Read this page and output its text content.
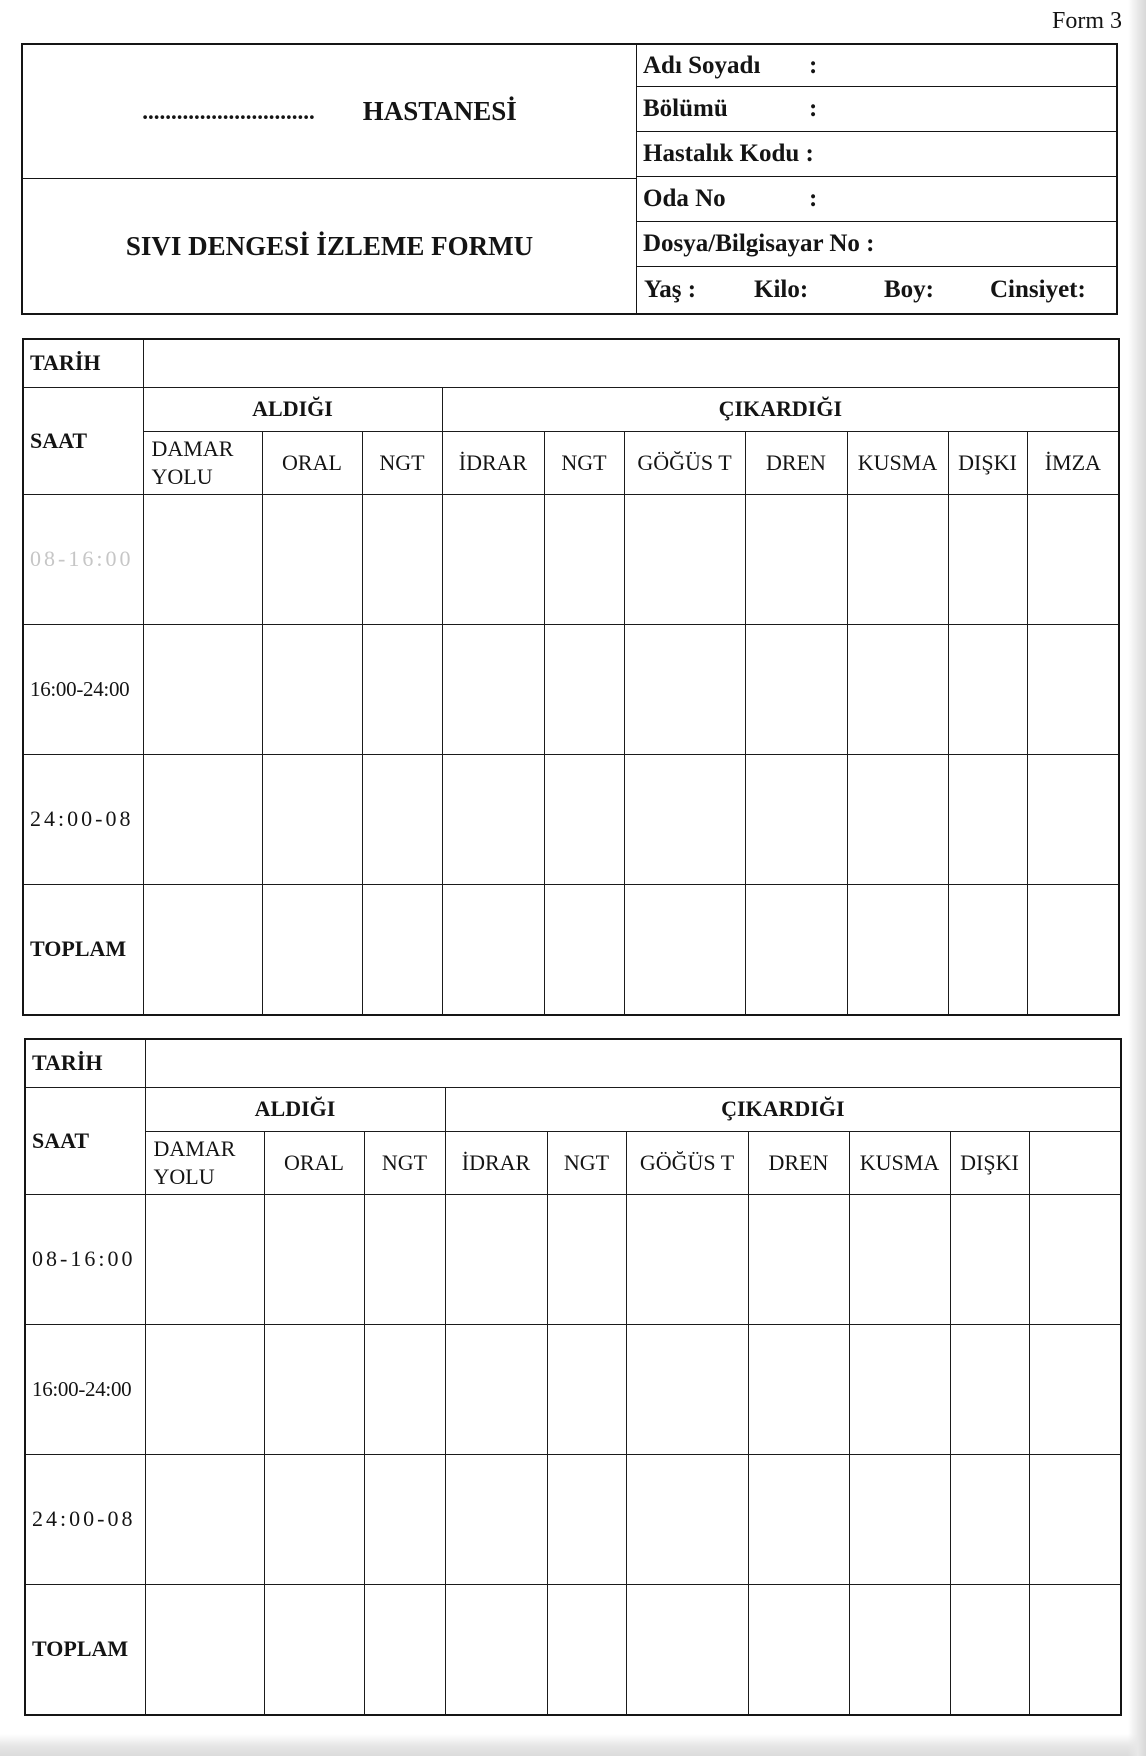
Form 3
.............................. HASTANESİ
SIVI DENGESİ İZLEME FORMU
Adı Soyadı :
Bölümü	:
Hastalık Kodu :
Oda No	:
Dosya/Bilgisayar No :
Yaş : Kilo:	Boy: Cinsiyet:
TARİH										
SAAT	ALDIĞI			ÇIKARDIĞI						
	DAMAR YOLU	ORAL	NGT	İDRAR	NGT	GÖĞÜS T	DREN	KUSMA	DIŞKI	İMZA
08-16:00										
16:00-24:00										
24:00-08										
TOPLAM										
TARİH										
SAAT	ALDIĞI			ÇIKARDIĞI						
	DAMAR YOLU	ORAL	NGT	İDRAR	NGT	GÖĞÜS T	DREN	KUSMA	DIŞKI	
08-16:00										
16:00-24:00										
24:00-08										
TOPLAM										
